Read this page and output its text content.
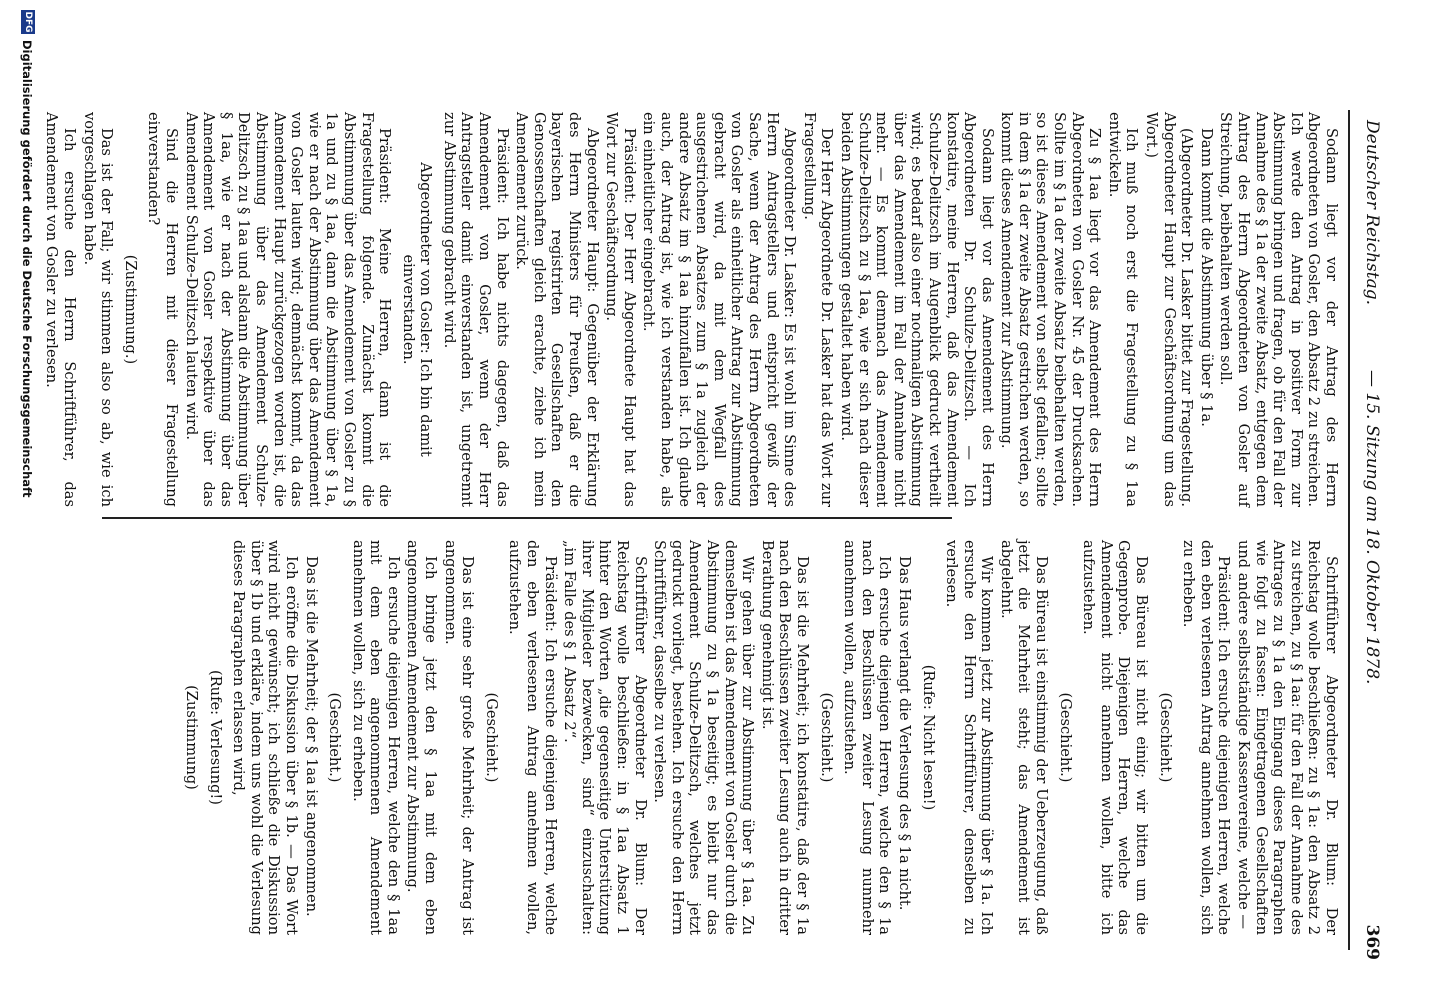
Deutscher Reichstag.
— 15. Sitzung am 18. Oktober 1878.
369

Sodann liegt vor der Antrag des Herrn Abgeordneten von Gosler, den Absatz 2 zu streichen. Ich werde den Antrag in positiver Form zur Abstimmung bringen und fragen, ob für den Fall der Annahme des § 1a der zweite Absatz, entgegen dem Antrag des Herrn Abgeordneten von Gosler auf Streichung, beibehalten werden soll.

Dann kommt die Abstimmung über § 1a.

(Abgeordneter Dr. Lasker bittet zur Fragestellung. Abgeordneter Haupt zur Geschäftsordnung um das Wort.)

Ich muß noch erst die Fragestellung zu § 1aa entwickeln.

Zu § 1aa liegt vor das Amendement des Herrn Abgeordneten von Gosler Nr. 45 der Drucksachen. Sollte im § 1a der zweite Absatz beibehalten werden, so ist dieses Amendement von selbst gefallen; sollte in dem § 1a der zweite Absatz gestrichen werden, so kommt dieses Amendement zur Abstimmung.

Sodann liegt vor das Amendement des Herrn Abgeordneten Dr. Schulze-Delitzsch. — Ich konstatire, meine Herren, daß das Amendement Schulze-Delitzsch im Augenblick gedruckt vertheilt wird; es bedarf also einer nochmaligen Abstimmung über das Amendement im Fall der Annahme nicht mehr. — Es kommt demnach das Amendement Schulze-Delitzsch zu § 1aa, wie er sich nach dieser beiden Abstimmungen gestaltet haben wird.

Der Herr Abgeordnete Dr. Lasker hat das Wort zur Fragestellung.

Abgeordneter Dr. Lasker: Es ist wohl im Sinne des Herrn Antragstellers und entspricht gewiß der Sache, wenn der Antrag des Herrn Abgeordneten von Gosler als einheitlicher Antrag zur Abstimmung gebracht wird, da mit dem Wegfall des ausgestrichenen Absatzes zum § 1a zugleich der andere Absatz im § 1aa hinzufallen ist. Ich glaube auch, der Antrag ist, wie ich verstanden habe, als ein einheitlicher eingebracht.

Präsident: Der Herr Abgeordnete Haupt hat das Wort zur Geschäftsordnung.

Abgeordneter Haupt: Gegenüber der Erklärung des Herrn Ministers für Preußen, daß er die bayerischen registrirten Gesellschaften den Genossenschaften gleich erachte, ziehe ich mein Amendement zurück.

Präsident: Ich habe nichts dagegen, daß das Amendement von Gosler, wenn der Herr Antragsteller damit einverstanden ist, ungetrennt zur Abstimmung gebracht wird.

Abgeordneter von Gosler: Ich bin damit einverstanden.

Präsident: Meine Herren, dann ist die Fragestellung folgende. Zunächst kommt die Abstimmung über das Amendement von Gosler zu § 1a und zu § 1aa, dann die Abstimmung über § 1a, wie er nach der Abstimmung über das Amendement von Gosler lauten wird; demnächst kommt, da das Amendement Haupt zurückgezogen worden ist, die Abstimmung über das Amendement Schulze-Delitzsch zu § 1aa und alsdann die Abstimmung über § 1aa, wie er nach der Abstimmung über das Amendement von Gosler respektive über das Amendement Schulze-Delitzsch lauten wird.

Sind die Herren mit dieser Fragestellung einverstanden?

(Zustimmung.)

Das ist der Fall; wir stimmen also so ab, wie ich vorgeschlagen habe.

Ich ersuche den Herrn Schriftführer, das Amendement von Gosler zu verlesen.

Schriftführer Abgeordneter Dr. Blum: Der Reichstag wolle beschließen: zu § 1a: den Absatz 2 zu streichen, zu § 1aa: für den Fall der Annahme des Antrages zu § 1a den Eingang dieses Paragraphen wie folgt zu fassen: Eingetragenen Gesellschaften und andere selbstständige Kassenvereine, welche —

Präsident: Ich ersuche diejenigen Herren, welche den eben verlesenen Antrag annehmen wollen, sich zu erheben.

(Geschieht.)

Das Büreau ist nicht einig; wir bitten um die Gegenprobe. Diejenigen Herren, welche das Amendement nicht annehmen wollen, bitte ich aufzustehen.

(Geschieht.)

Das Büreau ist einstimmig der Ueberzeugung, daß jetzt die Mehrheit steht; das Amendement ist abgelehnt.

Wir kommen jetzt zur Abstimmung über § 1a. Ich ersuche den Herrn Schriftführer, denselben zu verlesen.

(Rufe: Nicht lesen!)

Das Haus verlangt die Verlesung des § 1a nicht.

Ich ersuche diejenigen Herren, welche den § 1a nach den Beschlüssen zweiter Lesung nunmehr annehmen wollen, aufzustehen.

(Geschieht.)

Das ist die Mehrheit; ich konstatire, daß der § 1a nach den Beschlüssen zweiter Lesung auch in dritter Berathung genehmigt ist.

Wir gehen über zur Abstimmung über § 1aa. Zu demselben ist das Amendement von Gosler durch die Abstimmung zu § 1a beseitigt; es bleibt nur das Amendement Schulze-Delitzsch, welches jetzt gedruckt vorliegt, bestehen. Ich ersuche den Herrn Schriftführer, dasselbe zu verlesen.

Schriftführer Abgeordneter Dr. Blum: Der Reichstag wolle beschließen: in § 1aa Absatz 1 hinter den Worten „die gegenseitige Unterstützung ihrer Mitglieder bezwecken, sind“ einzuschalten: „im Falle des § 1 Absatz 2“.

Präsident: Ich ersuche diejenigen Herren, welche den eben verlesenen Antrag annehmen wollen, aufzustehen.

(Geschieht.)

Das ist eine sehr große Mehrheit; der Antrag ist angenommen.

Ich bringe jetzt den § 1aa mit dem eben angenommenen Amendement zur Abstimmung.

Ich ersuche diejenigen Herren, welche den § 1aa mit dem eben angenommenen Amendement annehmen wollen, sich zu erheben.

(Geschieht.)

Das ist die Mehrheit; der § 1aa ist angenommen.

Ich eröffne die Diskussion über § 1b. — Das Wort wird nicht gewünscht; ich schließe die Diskussion über § 1b und erkläre, indem uns wohl die Verlesung dieses Paragraphen erlassen wird,

(Rufe: Verlesung!)

(Zustimmung)

DFG
Digitalisierung gefördert durch die Deutsche Forschungsgemeinschaft
